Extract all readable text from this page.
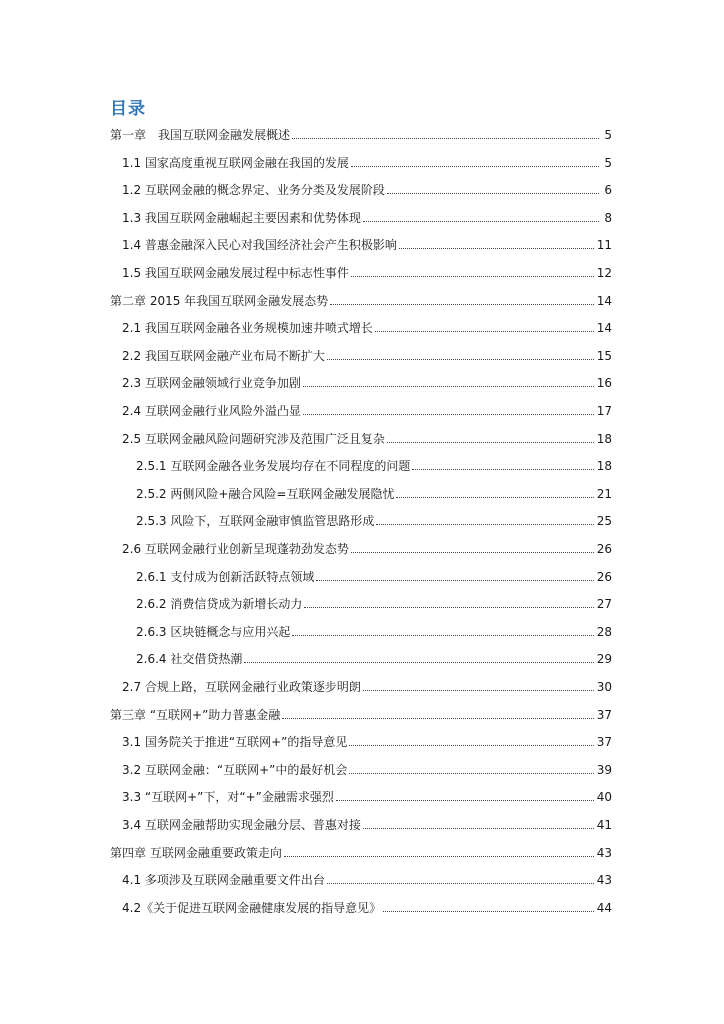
目录
第一章　我国互联网金融发展概述	5
1.1 国家高度重视互联网金融在我国的发展	5
1.2 互联网金融的概念界定、业务分类及发展阶段	6
1.3 我国互联网金融崛起主要因素和优势体现	8
1.4 普惠金融深入民心对我国经济社会产生积极影响	11
1.5 我国互联网金融发展过程中标志性事件	12
第二章 2015 年我国互联网金融发展态势	14
2.1 我国互联网金融各业务规模加速井喷式增长	14
2.2 我国互联网金融产业布局不断扩大	15
2.3 互联网金融领域行业竞争加剧	16
2.4 互联网金融行业风险外溢凸显	17
2.5 互联网金融风险问题研究涉及范围广泛且复杂	18
2.5.1 互联网金融各业务发展均存在不同程度的问题	18
2.5.2 两侧风险+融合风险=互联网金融发展隐忧	21
2.5.3 风险下，互联网金融审慎监管思路形成	25
2.6 互联网金融行业创新呈现蓬勃劲发态势	26
2.6.1 支付成为创新活跃特点领域	26
2.6.2 消费信贷成为新增长动力	27
2.6.3 区块链概念与应用兴起	28
2.6.4 社交借贷热潮	29
2.7 合规上路，互联网金融行业政策逐步明朗	30
第三章 “互联网+”助力普惠金融	37
3.1 国务院关于推进“互联网+”的指导意见	37
3.2 互联网金融：“互联网+”中的最好机会	39
3.3 “互联网+”下，对“+”金融需求强烈	40
3.4 互联网金融帮助实现金融分层、普惠对接	41
第四章 互联网金融重要政策走向	43
4.1 多项涉及互联网金融重要文件出台	43
4.2《关于促进互联网金融健康发展的指导意见》	44
